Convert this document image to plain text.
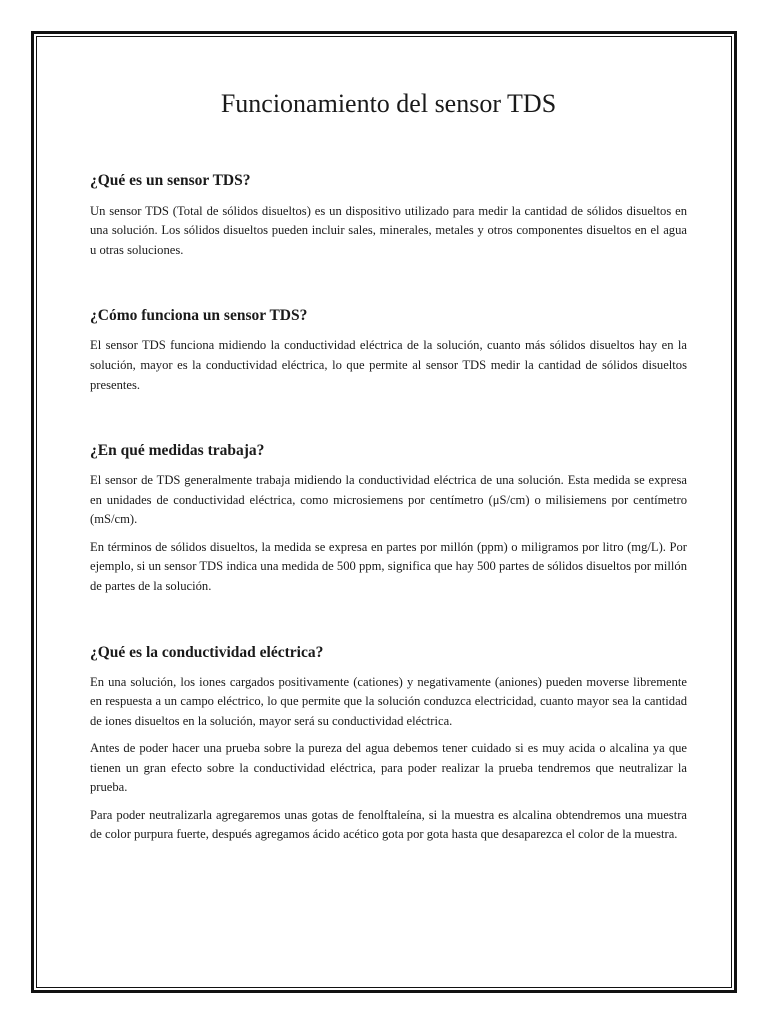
Funcionamiento del sensor TDS
¿Qué es un sensor TDS?

Un sensor TDS (Total de sólidos disueltos) es un dispositivo utilizado para medir la cantidad de sólidos disueltos en una solución. Los sólidos disueltos pueden incluir sales, minerales, metales y otros componentes disueltos en el agua u otras soluciones.

¿Cómo funciona un sensor TDS?

El sensor TDS funciona midiendo la conductividad eléctrica de la solución, cuanto más sólidos disueltos hay en la solución, mayor es la conductividad eléctrica, lo que permite al sensor TDS medir la cantidad de sólidos disueltos presentes.

¿En qué medidas trabaja?

El sensor de TDS generalmente trabaja midiendo la conductividad eléctrica de una solución. Esta medida se expresa en unidades de conductividad eléctrica, como microsiemens por centímetro (μS/cm) o milisiemens por centímetro (mS/cm).

En términos de sólidos disueltos, la medida se expresa en partes por millón (ppm) o miligramos por litro (mg/L). Por ejemplo, si un sensor TDS indica una medida de 500 ppm, significa que hay 500 partes de sólidos disueltos por millón de partes de la solución.

¿Qué es la conductividad eléctrica?

En una solución, los iones cargados positivamente (cationes) y negativamente (aniones) pueden moverse libremente en respuesta a un campo eléctrico, lo que permite que la solución conduzca electricidad, cuanto mayor sea la cantidad de iones disueltos en la solución, mayor será su conductividad eléctrica.

Antes de poder hacer una prueba sobre la pureza del agua debemos tener cuidado si es muy acida o alcalina ya que tienen un gran efecto sobre la conductividad eléctrica, para poder realizar la prueba tendremos que neutralizar la prueba.

Para poder neutralizarla agregaremos unas gotas de fenolftaleína, si la muestra es alcalina obtendremos una muestra de color purpura fuerte, después agregamos ácido acético gota por gota hasta que desaparezca el color de la muestra.
